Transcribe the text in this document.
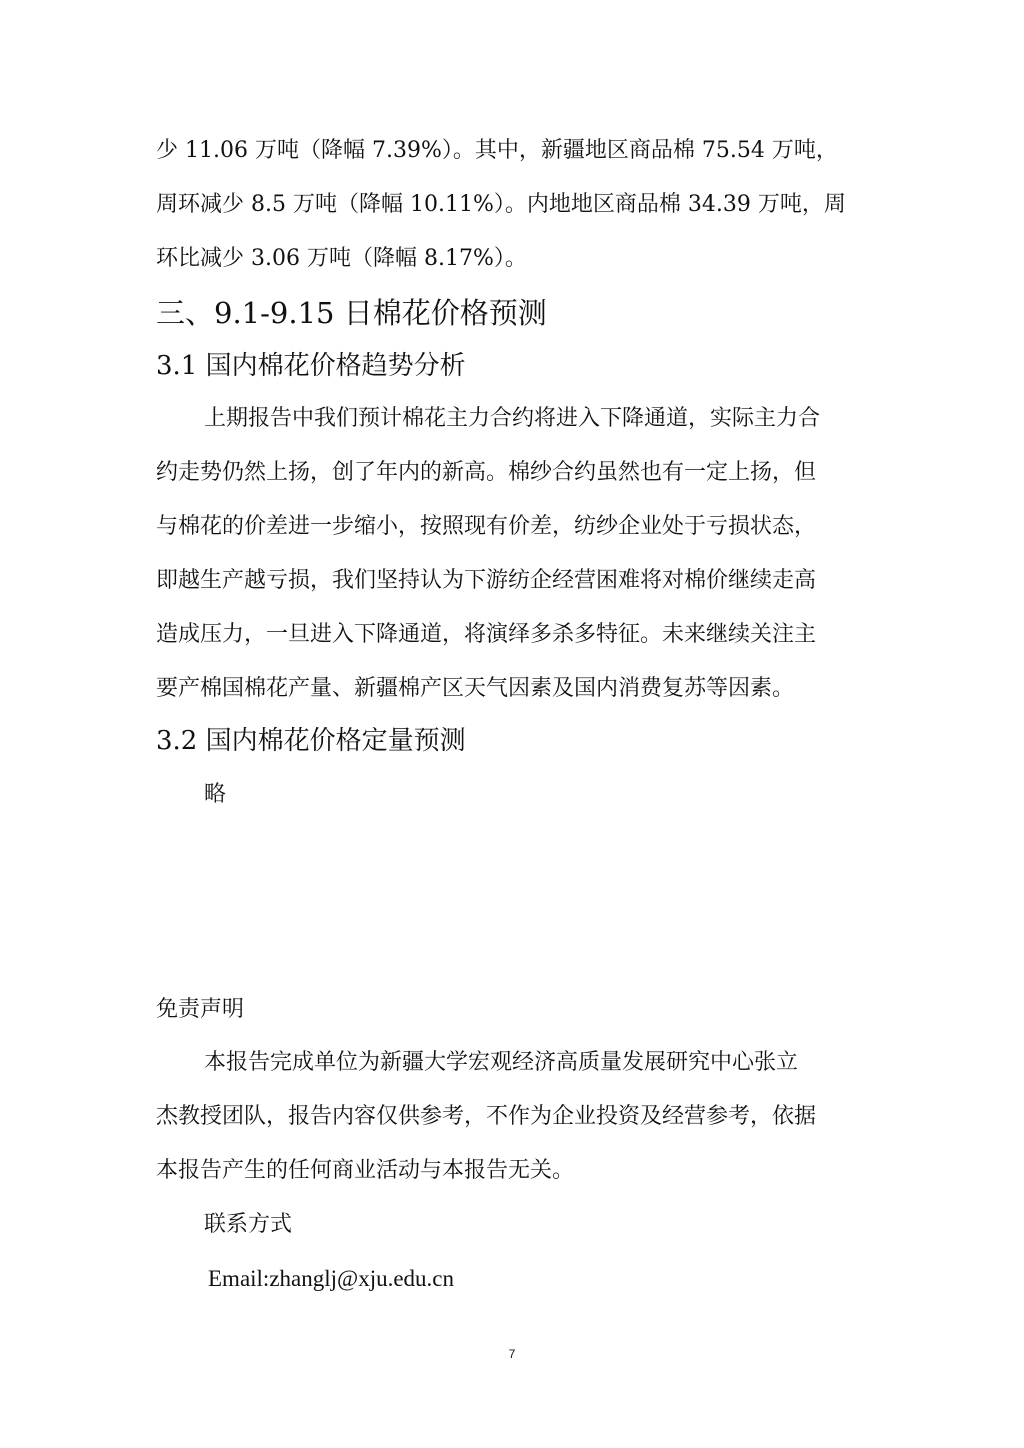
少 11.06 万吨（降幅 7.39%）。其中，新疆地区商品棉 75.54 万吨，
周环减少 8.5 万吨（降幅 10.11%）。内地地区商品棉 34.39 万吨，周
环比减少 3.06 万吨（降幅 8.17%）。
三、9.1-9.15 日棉花价格预测
3.1 国内棉花价格趋势分析
上期报告中我们预计棉花主力合约将进入下降通道，实际主力合
约走势仍然上扬，创了年内的新高。棉纱合约虽然也有一定上扬，但
与棉花的价差进一步缩小，按照现有价差，纺纱企业处于亏损状态，
即越生产越亏损，我们坚持认为下游纺企经营困难将对棉价继续走高
造成压力，一旦进入下降通道，将演绎多杀多特征。未来继续关注主
要产棉国棉花产量、新疆棉产区天气因素及国内消费复苏等因素。
3.2 国内棉花价格定量预测
略
免责声明
本报告完成单位为新疆大学宏观经济高质量发展研究中心张立
杰教授团队，报告内容仅供参考，不作为企业投资及经营参考，依据
本报告产生的任何商业活动与本报告无关。
联系方式
Email:zhanglj@xju.edu.cn
7
